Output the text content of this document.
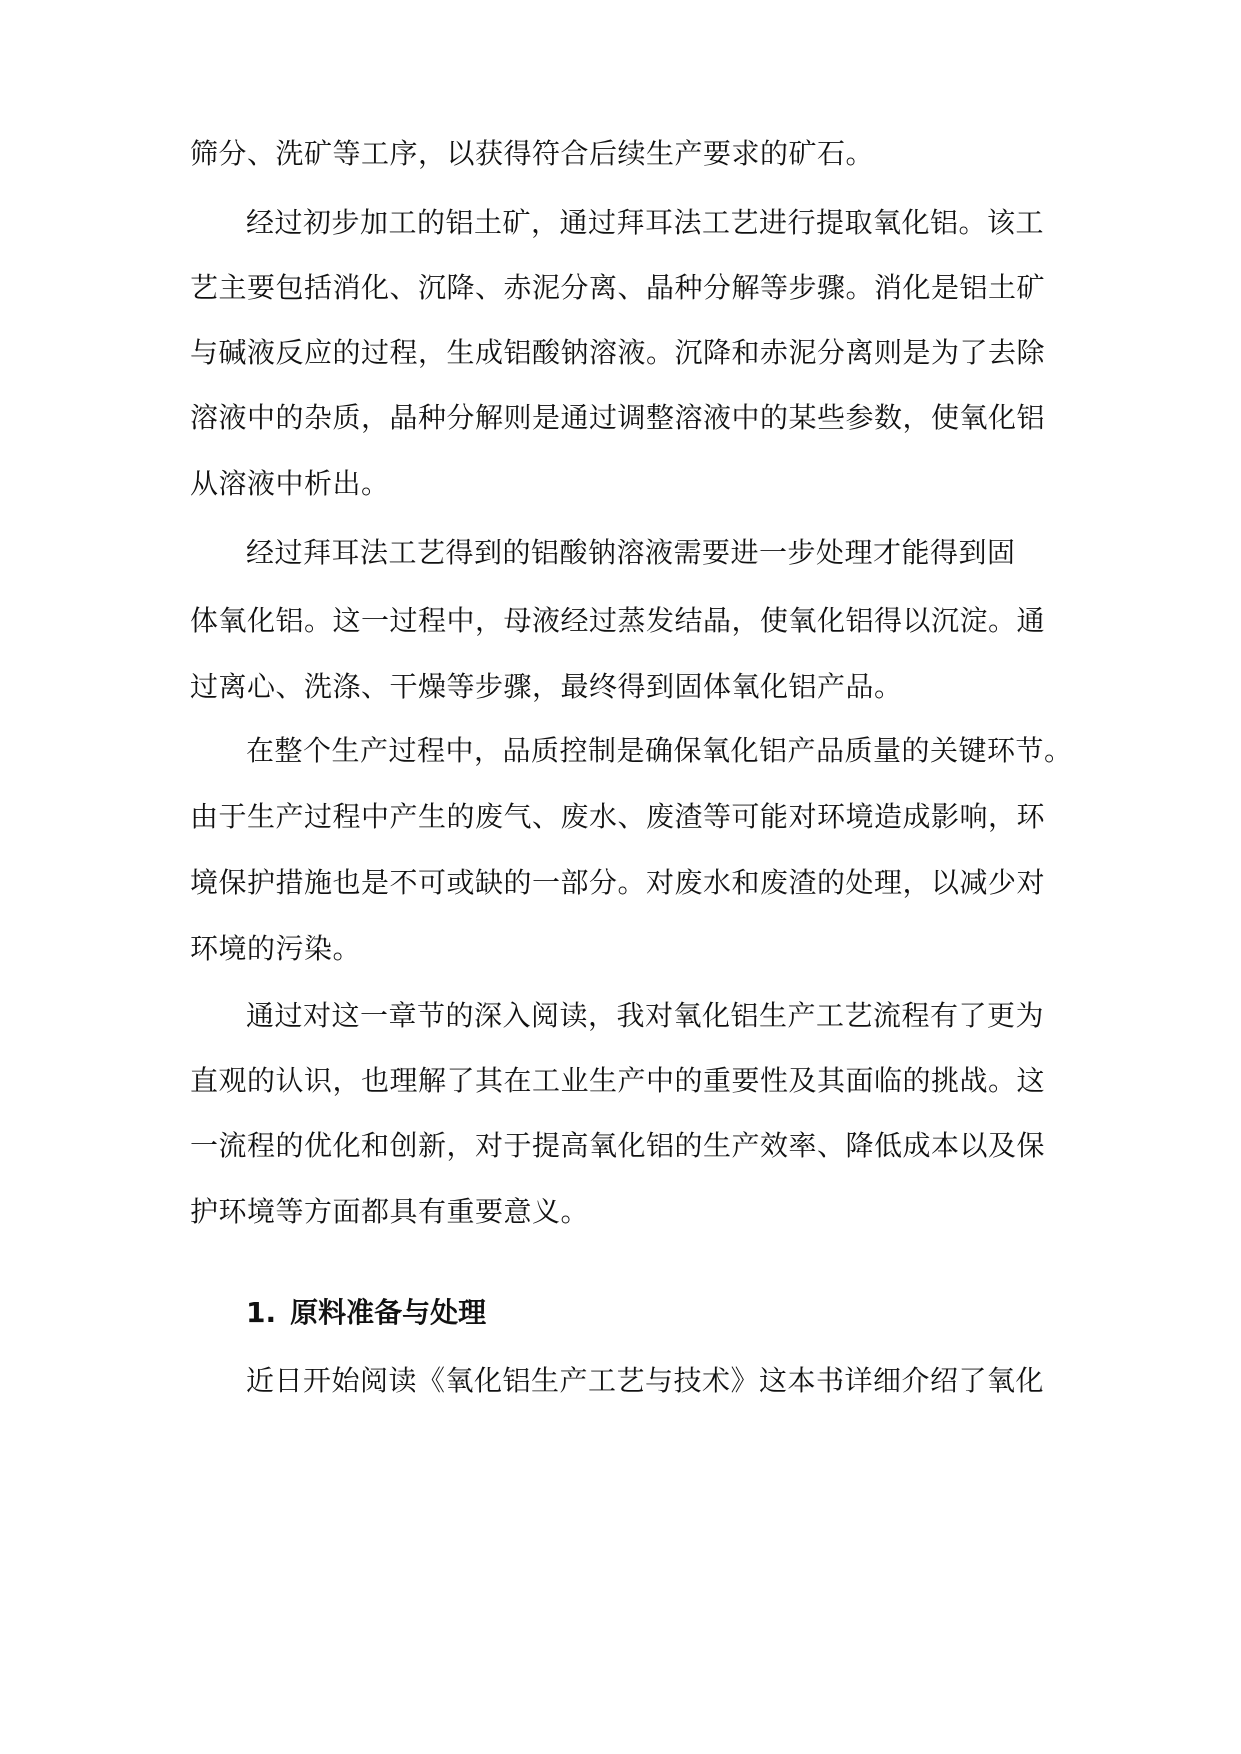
筛分、洗矿等工序，以获得符合后续生产要求的矿石。
经过初步加工的铝土矿，通过拜耳法工艺进行提取氧化铝。该工
艺主要包括消化、沉降、赤泥分离、晶种分解等步骤。消化是铝土矿
与碱液反应的过程，生成铝酸钠溶液。沉降和赤泥分离则是为了去除
溶液中的杂质，晶种分解则是通过调整溶液中的某些参数，使氧化铝
从溶液中析出。
经过拜耳法工艺得到的铝酸钠溶液需要进一步处理才能得到固
体氧化铝。这一过程中，母液经过蒸发结晶，使氧化铝得以沉淀。通
过离心、洗涤、干燥等步骤，最终得到固体氧化铝产品。
在整个生产过程中，品质控制是确保氧化铝产品质量的关键环节。
由于生产过程中产生的废气、废水、废渣等可能对环境造成影响，环
境保护措施也是不可或缺的一部分。对废水和废渣的处理，以减少对
环境的污染。
通过对这一章节的深入阅读，我对氧化铝生产工艺流程有了更为
直观的认识，也理解了其在工业生产中的重要性及其面临的挑战。这
一流程的优化和创新，对于提高氧化铝的生产效率、降低成本以及保
护环境等方面都具有重要意义。
1. 原料准备与处理
近日开始阅读《氧化铝生产工艺与技术》这本书详细介绍了氧化
